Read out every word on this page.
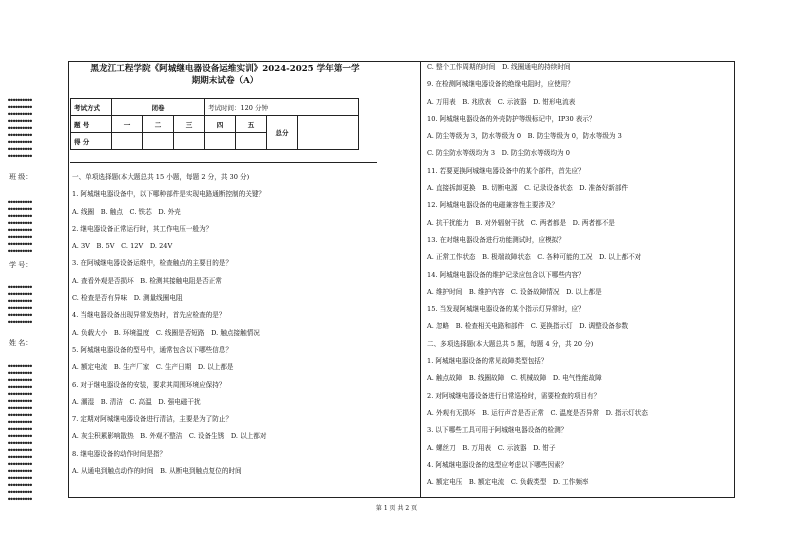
●●●●●●●●●●
●●●●●●●●●●
●●●●●●●●●●
●●●●●●●●●●
●●●●●●●●●●
●●●●●●●●●●
●●●●●●●●●●
●●●●●●●●●●
●●●●●●●●●●
●●●●●●●●●●
●●●●●●●●●●
●●●●●●●●●●
●●●●●●●●●●
●●●●●●●●●●
●●●●●●●●●●
●●●●●●●●●●
●●●●●●●●●●
●●●●●●●●●●
●●●●●●●●●●
●●●●●●●●●●
●●●●●●●●●●
●●●●●●●●●●
●●●●●●●●●●
●●●●●●●●●●
●●●●●●●●●●
●●●●●●●●●●
●●●●●●●●●●
●●●●●●●●●●
●●●●●●●●●●
●●●●●●●●●●
●●●●●●●●●●
●●●●●●●●●●
●●●●●●●●●●
●●●●●●●●●●
●●●●●●●●●●
●●●●●●●●●●
●●●●●●●●●●
●●●●●●●●●●
●●●●●●●●●●
●●●●●●●●●●
●●●●●●●●●●
●●●●●●●●●●
●●●●●●●●●●
班 级：
学 号：
姓 名：
黑龙江工程学院《阿城继电器设备运维实训》2024-2025 学年第一学
期期末试卷（A）
考试方式	闭卷			考试时间：120 分钟			
题 号	一	二	三	四	五	总分	
得 分							

一、单项选择题(本大题总共 15 小题，每题 2 分，共 30 分)

1. 阿城继电器设备中，以下哪种部件是实现电路通断控制的关键？

A. 线圈　B. 触点　C. 铁芯　D. 外壳

2. 继电器设备正常运行时，其工作电压一般为？

A. 3V　B. 5V　C. 12V　D. 24V

3. 在阿城继电器设备运维中，检查触点的主要目的是？

A. 查看外观是否损坏　B. 检测其接触电阻是否正常

C. 检查是否有异味　D. 测量线圈电阻

4. 当继电器设备出现异常发热时，首先应检查的是？

A. 负载大小　B. 环境温度　C. 线圈是否短路　D. 触点接触情况

5. 阿城继电器设备的型号中，通常包含以下哪些信息？

A. 额定电流　B. 生产厂家　C. 生产日期　D. 以上都是

6. 对于继电器设备的安装，要求其周围环境应保持？

A. 潮湿　B. 清洁　C. 高温　D. 强电磁干扰

7. 定期对阿城继电器设备进行清洁，主要是为了防止？

A. 灰尘积累影响散热　B. 外观不整洁　C. 设备生锈　D. 以上都对

8. 继电器设备的动作时间是指？

A. 从通电到触点动作的时间　B. 从断电到触点复位的时间

C. 整个工作周期的时间　D. 线圈通电的持续时间

9. 在检测阿城继电器设备的绝缘电阻时，应使用？

A. 万用表　B. 兆欧表　C. 示波器　D. 钳形电流表

10. 阿城继电器设备的外壳防护等级标记中，IP30 表示？

A. 防尘等级为 3，防水等级为 0　B. 防尘等级为 0，防水等级为 3

C. 防尘防水等级均为 3　D. 防尘防水等级均为 0

11. 若要更换阿城继电器设备中的某个部件，首先应？

A. 直接拆卸更换　B. 切断电源　C. 记录设备状态　D. 准备好新部件

12. 阿城继电器设备的电磁兼容性主要涉及？

A. 抗干扰能力　B. 对外辐射干扰　C. 两者都是　D. 两者都不是

13. 在对继电器设备进行功能测试时，应模拟？

A. 正常工作状态　B. 极端故障状态　C. 各种可能的工况　D. 以上都不对

14. 阿城继电器设备的维护记录应包含以下哪些内容？

A. 维护时间　B. 维护内容　C. 设备故障情况　D. 以上都是

15. 当发现阿城继电器设备的某个指示灯异常时，应？

A. 忽略　B. 检查相关电路和部件　C. 更换指示灯　D. 调整设备参数

二、多项选择题(本大题总共 5 题，每题 4 分，共 20 分)

1. 阿城继电器设备的常见故障类型包括？

A. 触点故障　B. 线圈故障　C. 机械故障　D. 电气性能故障

2. 对阿城继电器设备进行日常巡检时，需要检查的项目有？

A. 外观有无损坏　B. 运行声音是否正常　C. 温度是否异常　D. 指示灯状态

3. 以下哪些工具可用于阿城继电器设备的检测？

A. 螺丝刀　B. 万用表　C. 示波器　D. 钳子

4. 阿城继电器设备的选型应考虑以下哪些因素？

A. 额定电压　B. 额定电流　C. 负载类型　D. 工作频率

第 1 页 共 2 页
